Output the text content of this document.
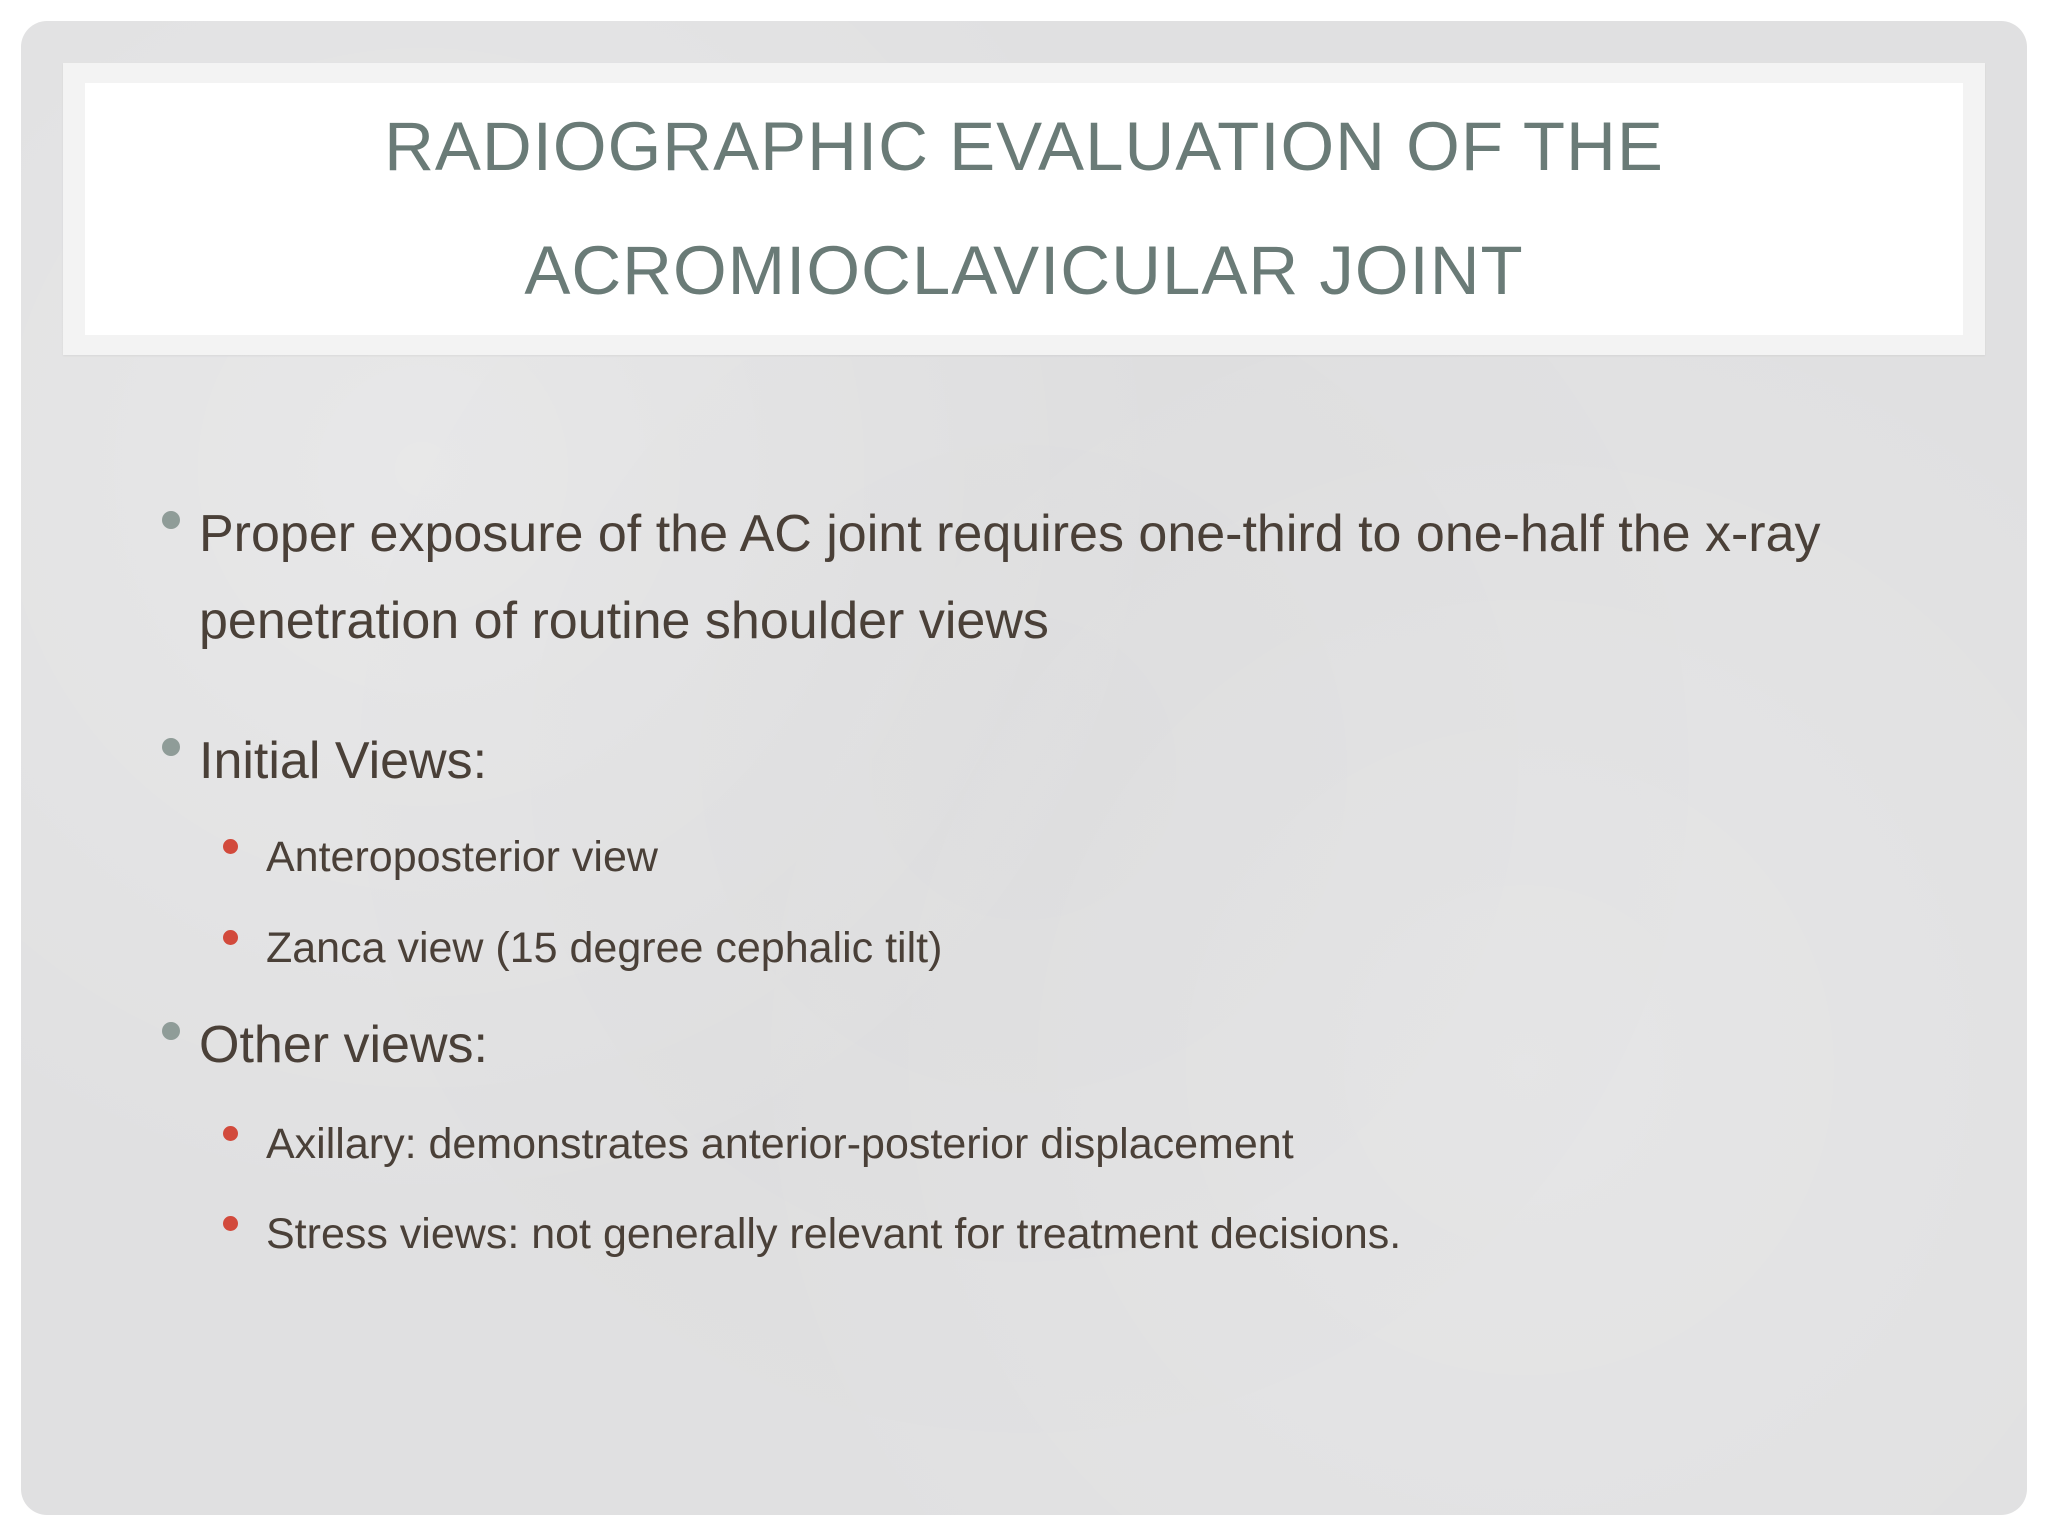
RADIOGRAPHIC EVALUATION OF THE
ACROMIOCLAVICULAR JOINT
Proper exposure of the AC joint requires one-third to one-half the x-ray
penetration of routine shoulder views
Initial Views:
Anteroposterior view
Zanca view (15 degree cephalic tilt)
Other views:
Axillary: demonstrates anterior-posterior displacement
Stress views: not generally relevant for treatment decisions.
